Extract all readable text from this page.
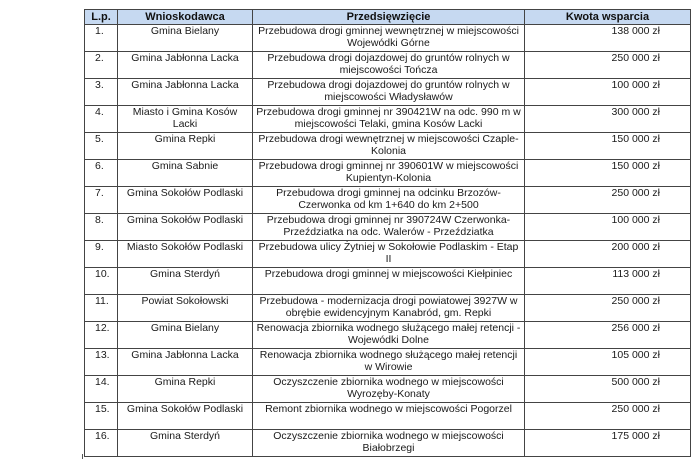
L.p.	Wnioskodawca	Przedsięwzięcie	Kwota wsparcia
1.	Gmina Bielany	Przebudowa drogi gminnej wewnętrznej w miejscowości Wojewódki Górne	138 000 zł
2.	Gmina Jabłonna Lacka	Przebudowa drogi dojazdowej do gruntów rolnych w miejscowości Tończa	250 000 zł
3.	Gmina Jabłonna Lacka	Przebudowa drogi dojazdowej do gruntów rolnych w miejscowości Władysławów	100 000 zł
4.	Miasto i Gmina Kosów Lacki	Przebudowa drogi gminnej nr 390421W na odc. 990 m w miejscowości Telaki, gmina Kosów Lacki	300 000 zł
5.	Gmina Repki	Przebudowa drogi wewnętrznej w miejscowości Czaple-Kolonia	150 000 zł
6.	Gmina Sabnie	Przebudowa drogi gminnej nr 390601W w miejscowości Kupientyn-Kolonia	150 000 zł
7.	Gmina Sokołów Podlaski	Przebudowa drogi gminnej na odcinku Brzozów-Czerwonka od km 1+640 do km 2+500	250 000 zł
8.	Gmina Sokołów Podlaski	Przebudowa drogi gminnej nr 390724W Czerwonka-Przeździatka na odc. Walerów - Przeździatka	100 000 zł
9.	Miasto Sokołów Podlaski	Przebudowa ulicy Żytniej w Sokołowie Podlaskim - Etap II	200 000 zł
10.	Gmina Sterdyń	Przebudowa drogi gminnej w miejscowości Kiełpiniec	113 000 zł
11.	Powiat Sokołowski	Przebudowa - modernizacja drogi powiatowej 3927W w obrębie ewidencyjnym Kanabród, gm. Repki	250 000 zł
12.	Gmina Bielany	Renowacja zbiornika wodnego służącego małej retencji - Wojewódki Dolne	256 000 zł
13.	Gmina Jabłonna Lacka	Renowacja zbiornika wodnego służącego małej retencji w Wirowie	105 000 zł
14.	Gmina Repki	Oczyszczenie zbiornika wodnego w miejscowości Wyrozęby-Konaty	500 000 zł
15.	Gmina Sokołów Podlaski	Remont zbiornika wodnego w miejscowości Pogorzel	250 000 zł
16.	Gmina Sterdyń	Oczyszczenie zbiornika wodnego w miejscowości Białobrzegi	175 000 zł
